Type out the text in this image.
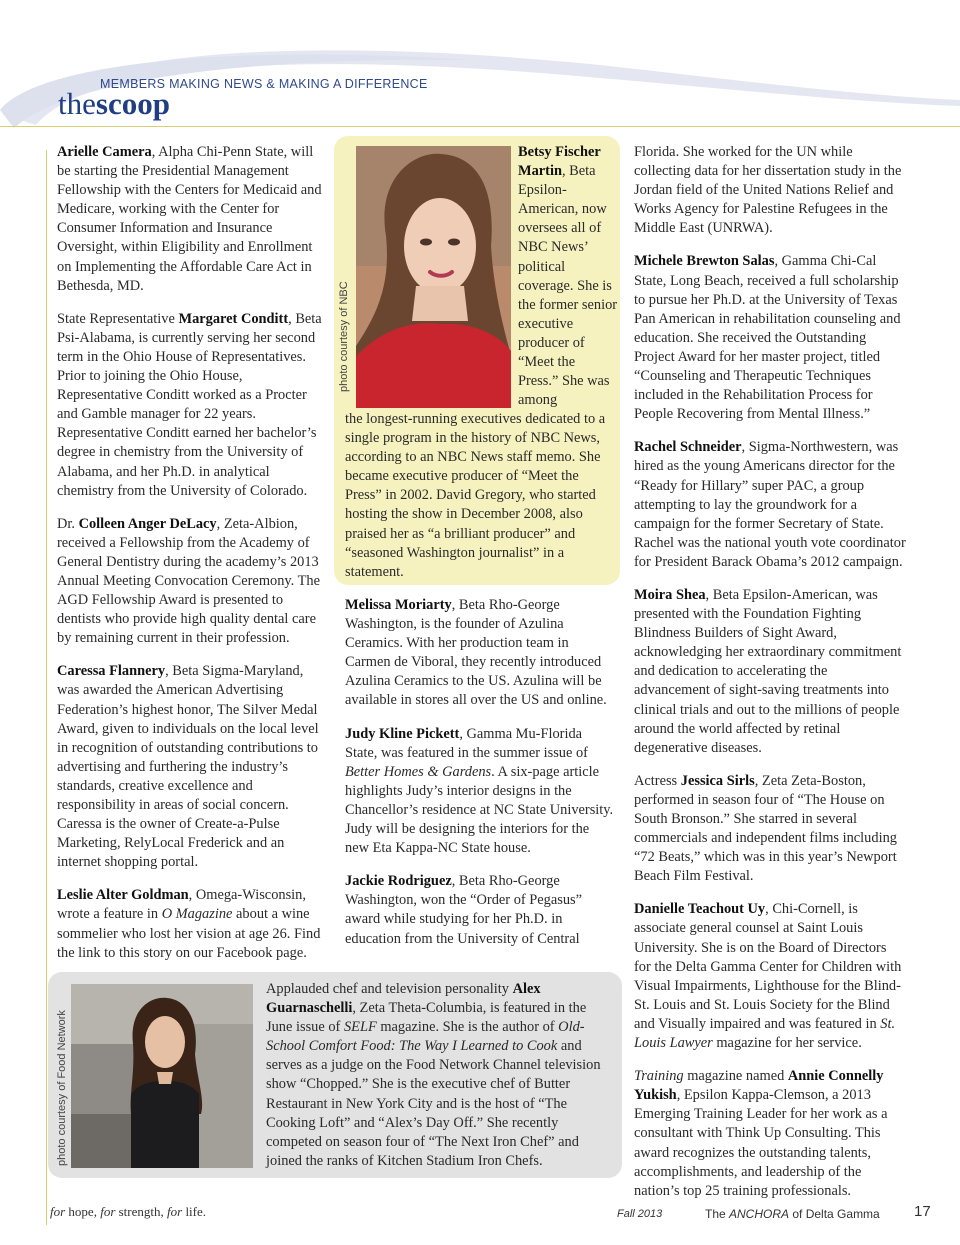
MEMBERS MAKING NEWS & MAKING A DIFFERENCE
thescoop

Arielle Camera, Alpha Chi-Penn State, will be starting the Presidential Management Fellowship with the Centers for Medicaid and Medicare, working with the Center for Consumer Information and Insurance Oversight, within Eligibility and Enrollment on Implementing the Affordable Care Act in Bethesda, MD.

State Representative Margaret Conditt, Beta Psi-Alabama, is currently serving her second term in the Ohio House of Representatives. Prior to joining the Ohio House, Representative Conditt worked as a Procter and Gamble manager for 22 years. Representative Conditt earned her bachelor’s degree in chemistry from the University of Alabama, and her Ph.D. in analytical chemistry from the University of Colorado.

Dr. Colleen Anger DeLacy, Zeta-Albion, received a Fellowship from the Academy of General Dentistry during the academy’s 2013 Annual Meeting Convocation Ceremony. The AGD Fellowship Award is presented to dentists who provide high quality dental care by remaining current in their profession.

Caressa Flannery, Beta Sigma-Maryland, was awarded the American Advertising Federation’s highest honor, The Silver Medal Award, given to individuals on the local level in recognition of outstanding contributions to advertising and furthering the industry’s standards, creative excellence and responsibility in areas of social concern. Caressa is the owner of Create-a-Pulse Marketing, RelyLocal Frederick and an internet shopping portal.

Leslie Alter Goldman, Omega-Wisconsin, wrote a feature in O Magazine about a wine sommelier who lost her vision at age 26. Find the link to this story on our Facebook page.

photo courtesy of NBC
Betsy Fischer Martin, Beta Epsilon-American, now oversees all of NBC News’ political coverage. She is the former senior executive producer of “Meet the Press.” She was among
the longest-running executives dedicated to a single program in the history of NBC News, according to an NBC News staff memo. She became executive producer of “Meet the Press” in 2002. David Gregory, who started hosting the show in December 2008, also praised her as “a brilliant producer” and “seasoned Washington journalist” in a statement.

Melissa Moriarty, Beta Rho-George Washington, is the founder of Azulina Ceramics. With her production team in Carmen de Viboral, they recently introduced Azulina Ceramics to the US. Azulina will be available in stores all over the US and online.

Judy Kline Pickett, Gamma Mu-Florida State, was featured in the summer issue of Better Homes & Gardens. A six-page article highlights Judy’s interior designs in the Chancellor’s residence at NC State University. Judy will be designing the interiors for the new Eta Kappa-NC State house.

Jackie Rodriguez, Beta Rho-George Washington, won the “Order of Pegasus” award while studying for her Ph.D. in education from the University of Central

photo courtesy of Food Network
Applauded chef and television personality Alex Guarnaschelli, Zeta Theta-Columbia, is featured in the June issue of SELF magazine. She is the author of Old-School Comfort Food: The Way I Learned to Cook and serves as a judge on the Food Network Channel television show “Chopped.” She is the executive chef of Butter Restaurant in New York City and is the host of “The Cooking Loft” and “Alex’s Day Off.” She recently competed on season four of “The Next Iron Chef” and joined the ranks of Kitchen Stadium Iron Chefs.

Florida. She worked for the UN while collecting data for her dissertation study in the Jordan field of the United Nations Relief and Works Agency for Palestine Refugees in the Middle East (UNRWA).

Michele Brewton Salas, Gamma Chi-Cal State, Long Beach, received a full scholarship to pursue her Ph.D. at the University of Texas Pan American in rehabilitation counseling and education. She received the Outstanding Project Award for her master project, titled “Counseling and Therapeutic Techniques included in the Rehabilitation Process for People Recovering from Mental Illness.”

Rachel Schneider, Sigma-Northwestern, was hired as the young Americans director for the “Ready for Hillary” super PAC, a group attempting to lay the groundwork for a campaign for the former Secretary of State. Rachel was the national youth vote coordinator for President Barack Obama’s 2012 campaign.

Moira Shea, Beta Epsilon-American, was presented with the Foundation Fighting Blindness Builders of Sight Award, acknowledging her extraordinary commitment and dedication to accelerating the advancement of sight-saving treatments into clinical trials and out to the millions of people around the world affected by retinal degenerative diseases.

Actress Jessica Sirls, Zeta Zeta-Boston, performed in season four of “The House on South Bronson.” She starred in several commercials and independent films including “72 Beats,” which was in this year’s Newport Beach Film Festival.

Danielle Teachout Uy, Chi-Cornell, is associate general counsel at Saint Louis University. She is on the Board of Directors for the Delta Gamma Center for Children with Visual Impairments, Lighthouse for the Blind-St. Louis and St. Louis Society for the Blind and Visually impaired and was featured in St. Louis Lawyer magazine for her service.

Training magazine named Annie Connelly Yukish, Epsilon Kappa-Clemson, a 2013 Emerging Training Leader for her work as a consultant with Think Up Consulting. This award recognizes the outstanding talents, accomplishments, and leadership of the nation’s top 25 training professionals.

for hope, for strength, for life.	Fall 2013	The ANCHORA of Delta Gamma 17
